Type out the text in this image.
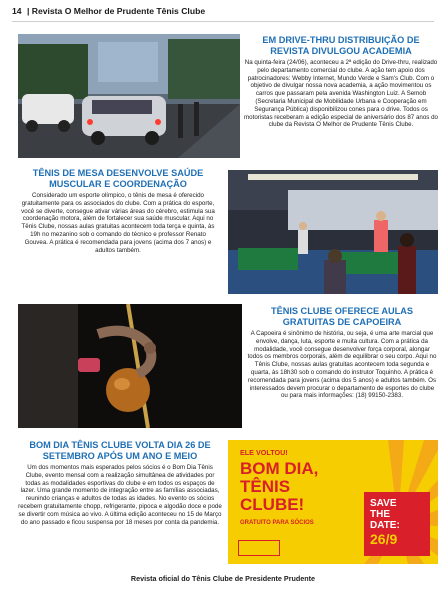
14 | Revista O Melhor de Prudente Tênis Clube
EM DRIVE-THRU DISTRIBUIÇÃO DE REVISTA DIVULGOU ACADEMIA
Na quinta-feira (24/06), aconteceu a 2ª edição do Drive-thru, realizado pelo departamento comercial do clube. A ação tem apoio dos patrocinadores: Webby Internet, Mundo Verde e Sam's Club. Com o objetivo de divulgar nossa nova academia, a ação movimentou os carros que passaram pela avenida Washington Luiz. A Semob (Secretaria Municipal de Mobilidade Urbana e Cooperação em Segurança Pública) disponibilizou cones para o drive. Todos os motoristas receberam a edição especial de aniversário dos 87 anos do clube da Revista O Melhor de Prudente Tênis Clube.
TÊNIS DE MESA DESENVOLVE SAÚDE MUSCULAR E COORDENAÇÃO
Considerado um esporte olímpico, o tênis de mesa é oferecido gratuitamente para os associados do clube. Com a prática do esporte, você se diverte, consegue ativar várias áreas do cérebro, estimula sua coordenação motora, além de fortalecer sua saúde muscular. Aqui no Tênis Clube, nossas aulas gratuitas acontecem toda terça e quinta, às 19h no mezanino sob o comando do técnico e professor Renato Gouvea. A prática é recomendada para jovens (acima dos 7 anos) e adultos também.
TÊNIS CLUBE OFERECE AULAS GRATUITAS DE CAPOEIRA
A Capoeira é sinônimo de história, ou seja, é uma arte marcial que envolve, dança, luta, esporte e muita cultura. Com a prática da modalidade, você consegue desenvolver força corporal, alongar todos os membros corporais, além de equilibrar o seu corpo. Aqui no Tênis Clube, nossas aulas gratuitas acontecem toda segunda e quarta, às 18h30 sob o comando do instrutor Toquinho. A prática é recomendada para jovens (acima dos 5 anos) e adultos também. Os interessados devem procurar o departamento de esportes do clube ou para mais informações: (18) 99150-2383.
BOM DIA TÊNIS CLUBE VOLTA DIA 26 DE SETEMBRO APÓS UM ANO E MEIO
Um dos momentos mais esperados pelos sócios é o Bom Dia Tênis Clube, evento mensal com a realização simultânea de atividades por todas as modalidades esportivas do clube e em todos os espaços de lazer. Uma grande momento de integração entre as famílias associadas, reunindo crianças e adultos de todas as idades. No evento os sócios recebem gratuitamente chopp, refrigerante, pipoca e algodão doce e pode se divertir com música ao vivo. A última edição aconteceu no 15 de Março do ano passado e ficou suspensa por 18 meses por conta da pandemia.
ELE VOLTOU!
BOM DIA,
TÊNIS
CLUBE!
GRATUITO PARA SÓCIOS
SAVE
THE
DATE:
26/9
Revista oficial do Tênis Clube de Presidente Prudente
